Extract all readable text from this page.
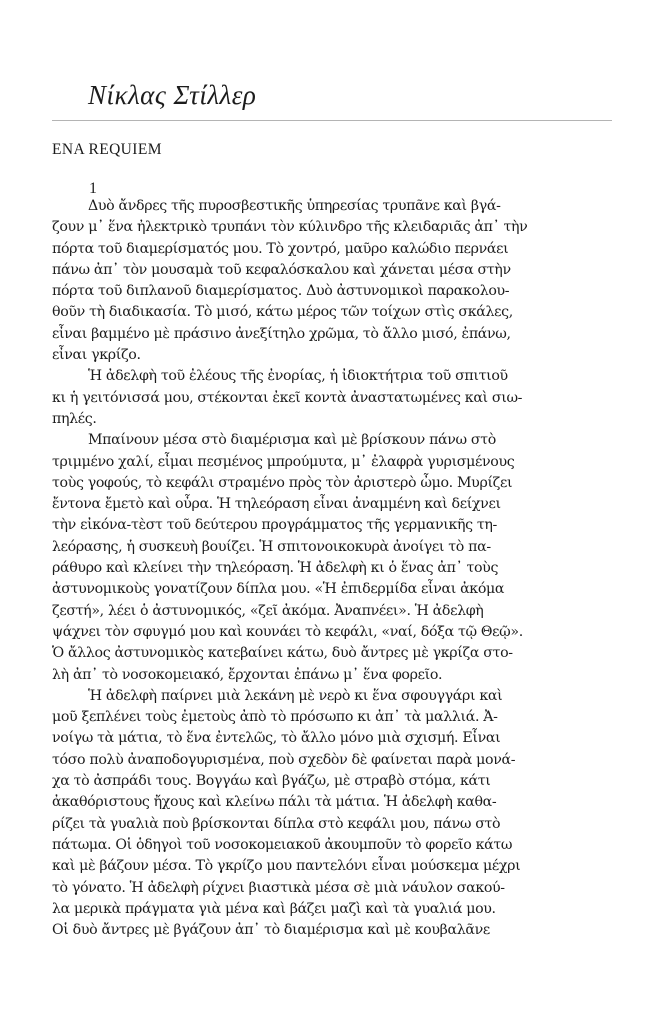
Νίκλας Στίλλερ
ΕΝΑ REQUIEM
1

Δυὸ ἄνδρες τῆς πυροσβεστικῆς ὑπηρεσίας τρυπᾶνε καὶ βγά-
ζουν μ᾿ ἕνα ἠλεκτρικὸ τρυπάνι τὸν κύλινδρο τῆς κλειδαριᾶς ἀπ᾿ τὴν
πόρτα τοῦ διαμερίσματός μου. Τὸ χοντρό, μαῦρο καλώδιο περνάει
πάνω ἀπ᾿ τὸν μουσαμὰ τοῦ κεφαλόσκαλου καὶ χάνεται μέσα στὴν
πόρτα τοῦ διπλανοῦ διαμερίσματος. Δυὸ ἀστυνομικοὶ παρακολου-
θοῦν τὴ διαδικασία. Τὸ μισό, κάτω μέρος τῶν τοίχων στὶς σκάλες,
εἶναι βαμμένο μὲ πράσινο ἀνεξίτηλο χρῶμα, τὸ ἄλλο μισό, ἐπάνω,
εἶναι γκρίζο.

Ἡ ἀδελφὴ τοῦ ἐλέους τῆς ἐνορίας, ἡ ἰδιοκτήτρια τοῦ σπιτιοῦ
κι ἡ γειτόνισσά μου, στέκονται ἐκεῖ κοντὰ ἀναστατωμένες καὶ σιω-
πηλές.

Μπαίνουν μέσα στὸ διαμέρισμα καὶ μὲ βρίσκουν πάνω στὸ
τριμμένο χαλί, εἶμαι πεσμένος μπρούμυτα, μ᾿ ἐλαφρὰ γυρισμένους
τοὺς γοφούς, τὸ κεφάλι στραμένο πρὸς τὸν ἀριστερὸ ὦμο. Μυρίζει
ἔντονα ἔμετὸ καὶ οὖρα. Ἡ τηλεόραση εἶναι ἀναμμένη καὶ δείχνει
τὴν εἰκόνα-τὲστ τοῦ δεύτερου προγράμματος τῆς γερμανικῆς τη-
λεόρασης, ἡ συσκευὴ βουίζει. Ἡ σπιτονοικοκυρὰ ἀνοίγει τὸ πα-
ράθυρο καὶ κλείνει τὴν τηλεόραση. Ἡ ἀδελφὴ κι ὁ ἕνας ἀπ᾿ τοὺς
ἀστυνομικοὺς γονατίζουν δίπλα μου. «Ἡ ἐπιδερμίδα εἶναι ἀκόμα
ζεστή», λέει ὁ ἀστυνομικός, «ζεῖ ἀκόμα. Ἀναπνέει». Ἡ ἀδελφὴ
ψάχνει τὸν σφυγμό μου καὶ κουνάει τὸ κεφάλι, «ναί, δόξα τῷ Θεῷ».
Ὁ ἄλλος ἀστυνομικὸς κατεβαίνει κάτω, δυὸ ἄντρες μὲ γκρίζα στο-
λὴ ἀπ᾿ τὸ νοσοκομειακό, ἔρχονται ἐπάνω μ᾿ ἕνα φορεῖο.

Ἡ ἀδελφὴ παίρνει μιὰ λεκάνη μὲ νερὸ κι ἕνα σφουγγάρι καὶ
μοῦ ξεπλένει τοὺς ἐμετοὺς ἀπὸ τὸ πρόσωπο κι ἀπ᾿ τὰ μαλλιά. Ἀ-
νοίγω τὰ μάτια, τὸ ἕνα ἐντελῶς, τὸ ἄλλο μόνο μιὰ σχισμή. Εἶναι
τόσο πολὺ ἀναποδογυρισμένα, ποὺ σχεδὸν δὲ φαίνεται παρὰ μονά-
χα τὸ ἀσπράδι τους. Βογγάω καὶ βγάζω, μὲ στραβὸ στόμα, κάτι
ἀκαθόριστους ἤχους καὶ κλείνω πάλι τὰ μάτια. Ἡ ἀδελφὴ καθα-
ρίζει τὰ γυαλιὰ ποὺ βρίσκονται δίπλα στὸ κεφάλι μου, πάνω στὸ
πάτωμα. Οἱ ὁδηγοὶ τοῦ νοσοκομειακοῦ ἀκουμποῦν τὸ φορεῖο κάτω
καὶ μὲ βάζουν μέσα. Τὸ γκρίζο μου παντελόνι εἶναι μούσκεμα μέχρι
τὸ γόνατο. Ἡ ἀδελφὴ ρίχνει βιαστικὰ μέσα σὲ μιὰ νάυλον σακού-
λα μερικὰ πράγματα γιὰ μένα καὶ βάζει μαζὶ καὶ τὰ γυαλιά μου.
Οἱ δυὸ ἄντρες μὲ βγάζουν ἀπ᾿ τὸ διαμέρισμα καὶ μὲ κουβαλᾶνε
